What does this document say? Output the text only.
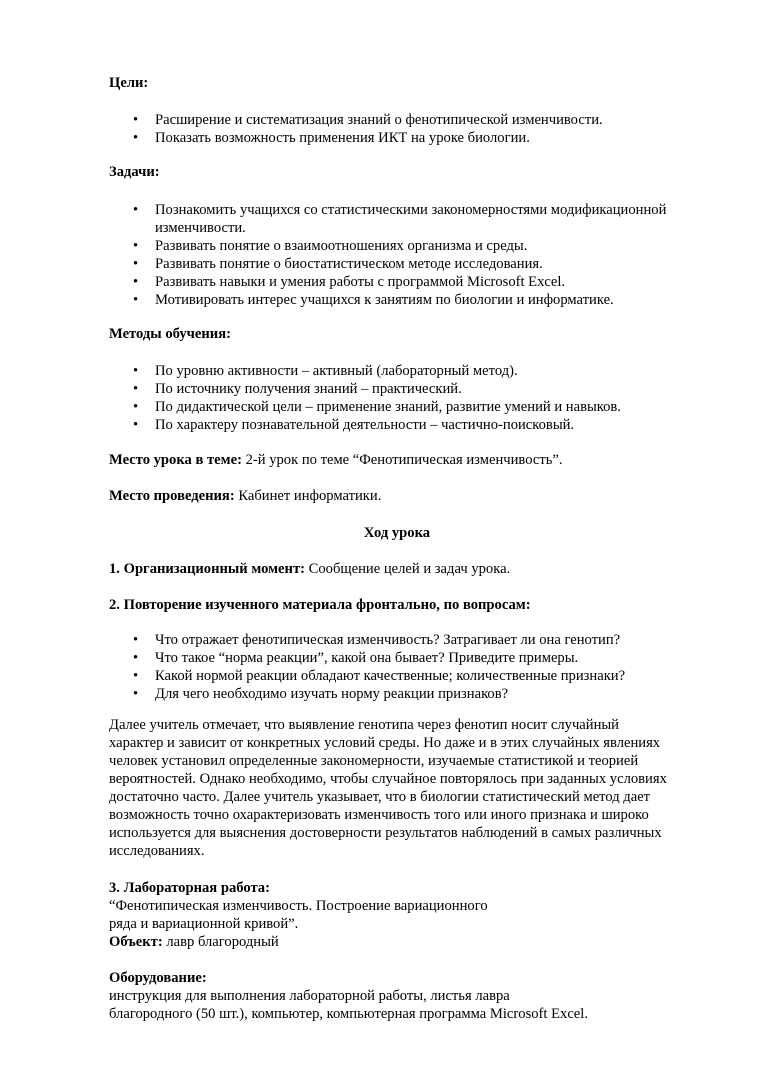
Цели:
• Расширение и систематизация знаний о фенотипической изменчивости.
• Показать возможность применения ИКТ на уроке биологии.
Задачи:
• Познакомить учащихся со статистическими закономерностями модификационной
изменчивости.
• Развивать понятие о взаимоотношениях организма и среды.
• Развивать понятие о биостатистическом методе исследования.
• Развивать навыки и умения работы с программой Microsoft Excel.
• Мотивировать интерес учащихся к занятиям по биологии и информатике.
Методы обучения:
• По уровню активности – активный (лабораторный метод).
• По источнику получения знаний – практический.
• По дидактической цели – применение знаний, развитие умений и навыков.
• По характеру познавательной деятельности – частично-поисковый.
Место урока в теме: 2-й урок по теме “Фенотипическая изменчивость”.
Место проведения: Кабинет информатики.
Ход урока
1. Организационный момент: Сообщение целей и задач урока.
2. Повторение изученного материала фронтально, по вопросам:
• Что отражает фенотипическая изменчивость? Затрагивает ли она генотип?
• Что такое “норма реакции”, какой она бывает? Приведите примеры.
• Какой нормой реакции обладают качественные; количественные признаки?
• Для чего необходимо изучать норму реакции признаков?
Далее учитель отмечает, что выявление генотипа через фенотип носит случайный
характер и зависит от конкретных условий среды. Но даже и в этих случайных явлениях
человек установил определенные закономерности, изучаемые статистикой и теорией
вероятностей. Однако необходимо, чтобы случайное повторялось при заданных условиях
достаточно часто. Далее учитель указывает, что в биологии статистический метод дает
возможность точно охарактеризовать изменчивость того или иного признака и широко
используется для выяснения достоверности результатов наблюдений в самых различных
исследованиях.
3. Лабораторная работа:
“Фенотипическая изменчивость. Построение вариационного
ряда и вариационной кривой”.
Объект: лавр благородный
Оборудование:
инструкция для выполнения лабораторной работы, листья лавра
благородного (50 шт.), компьютер, компьютерная программа Microsoft Excel.
